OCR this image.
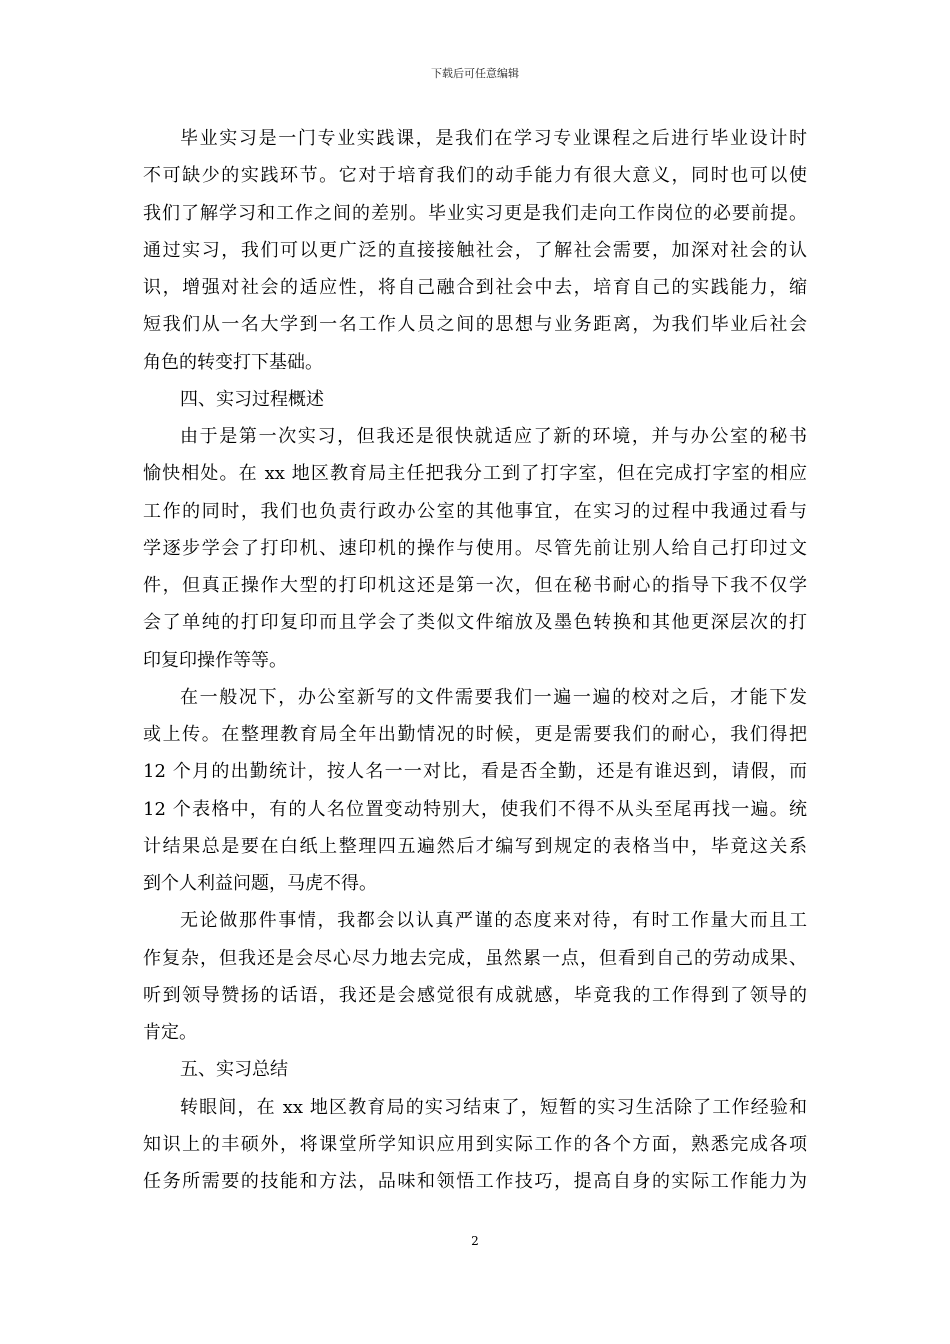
下载后可任意编辑
毕业实习是一门专业实践课，是我们在学习专业课程之后进行毕业设计时
不可缺少的实践环节。它对于培育我们的动手能力有很大意义，同时也可以使
我们了解学习和工作之间的差别。毕业实习更是我们走向工作岗位的必要前提。
通过实习，我们可以更广泛的直接接触社会，了解社会需要，加深对社会的认
识，增强对社会的适应性，将自己融合到社会中去，培育自己的实践能力，缩
短我们从一名大学到一名工作人员之间的思想与业务距离，为我们毕业后社会
角色的转变打下基础。
四、实习过程概述
由于是第一次实习，但我还是很快就适应了新的环境，并与办公室的秘书
愉快相处。在 xx 地区教育局主任把我分工到了打字室，但在完成打字室的相应
工作的同时，我们也负责行政办公室的其他事宜，在实习的过程中我通过看与
学逐步学会了打印机、速印机的操作与使用。尽管先前让别人给自己打印过文
件，但真正操作大型的打印机这还是第一次，但在秘书耐心的指导下我不仅学
会了单纯的打印复印而且学会了类似文件缩放及墨色转换和其他更深层次的打
印复印操作等等。
在一般况下，办公室新写的文件需要我们一遍一遍的校对之后，才能下发
或上传。在整理教育局全年出勤情况的时候，更是需要我们的耐心，我们得把
12 个月的出勤统计，按人名一一对比，看是否全勤，还是有谁迟到，请假，而
12 个表格中，有的人名位置变动特别大，使我们不得不从头至尾再找一遍。统
计结果总是要在白纸上整理四五遍然后才编写到规定的表格当中，毕竟这关系
到个人利益问题，马虎不得。
无论做那件事情，我都会以认真严谨的态度来对待，有时工作量大而且工
作复杂，但我还是会尽心尽力地去完成，虽然累一点，但看到自己的劳动成果、
听到领导赞扬的话语，我还是会感觉很有成就感，毕竟我的工作得到了领导的
肯定。
五、实习总结
转眼间，在 xx 地区教育局的实习结束了，短暂的实习生活除了工作经验和
知识上的丰硕外，将课堂所学知识应用到实际工作的各个方面，熟悉完成各项
任务所需要的技能和方法，品味和领悟工作技巧，提高自身的实际工作能力为
2
